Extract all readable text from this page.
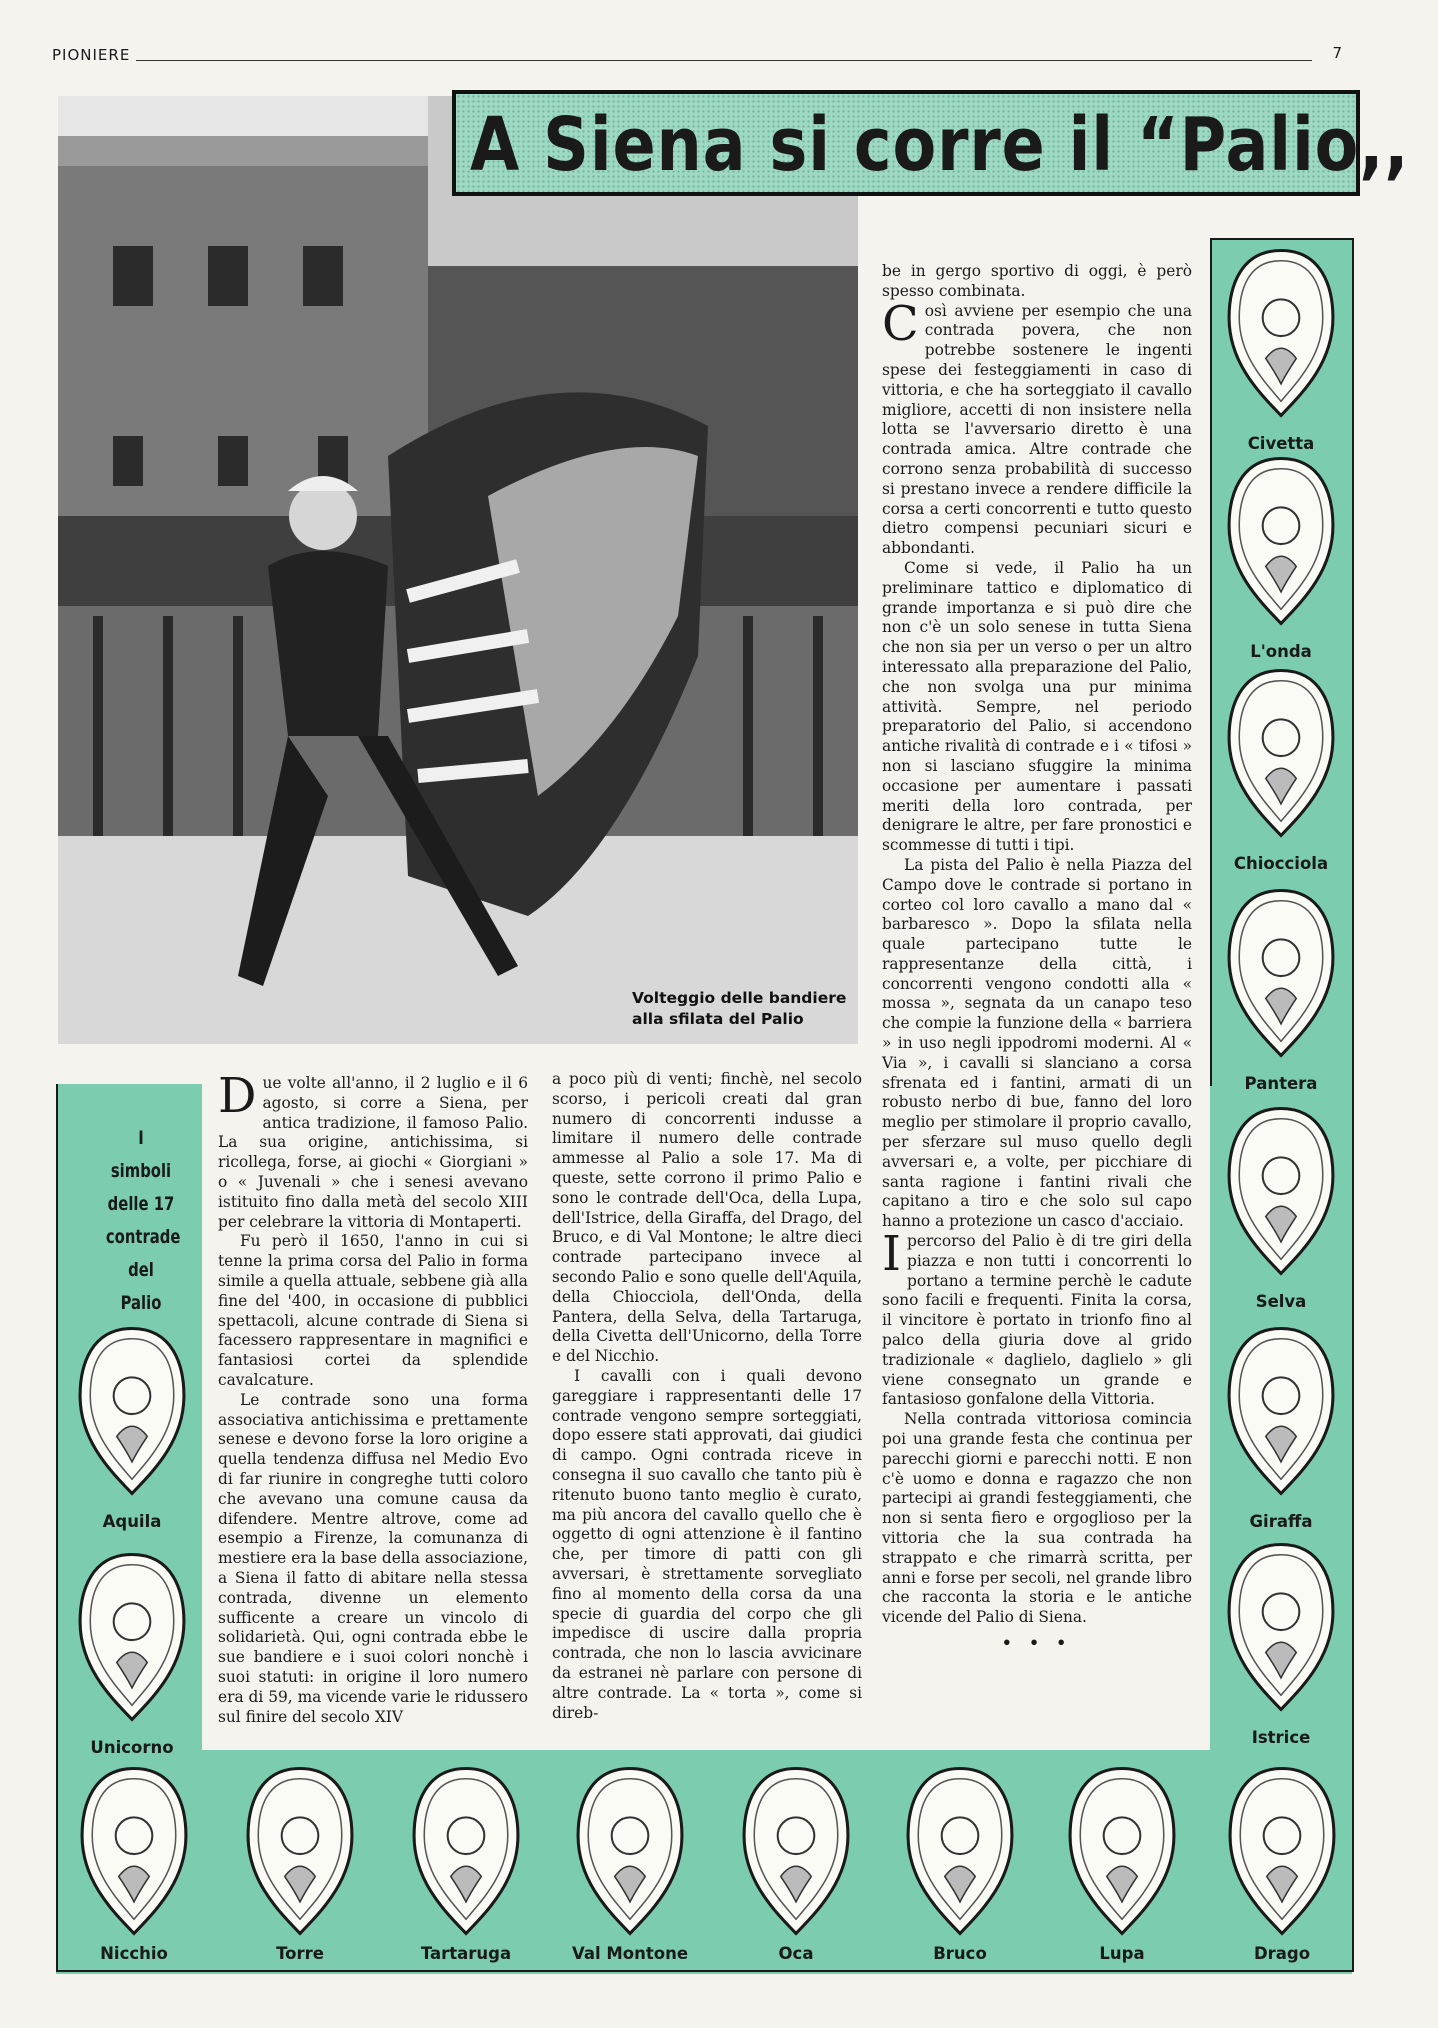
PIONIERE	7
Volteggio delle bandiere
alla sfilata del Palio
A Siena si corre il “Palio,,

be in gergo sportivo di oggi, è però spesso combinata.

Così avviene per esempio che una contrada povera, che non potrebbe sostenere le ingenti spese dei festeggiamenti in caso di vittoria, e che ha sorteggiato il cavallo migliore, accetti di non insistere nella lotta se l'avversario diretto è una contrada amica. Altre contrade che corrono senza probabilità di successo si prestano invece a rendere difficile la corsa a certi concorrenti e tutto questo dietro compensi pecuniari sicuri e abbondanti.

Come si vede, il Palio ha un preliminare tattico e diplomatico di grande importanza e si può dire che non c'è un solo senese in tutta Siena che non sia per un verso o per un altro interessato alla preparazione del Palio, che non svolga una pur minima attività. Sempre, nel periodo preparatorio del Palio, si accendono antiche rivalità di contrade e i « tifosi » non si lasciano sfuggire la minima occasione per aumentare i passati meriti della loro contrada, per denigrare le altre, per fare pronostici e scommesse di tutti i tipi.

La pista del Palio è nella Piazza del Campo dove le contrade si portano in corteo col loro cavallo a mano dal « barbaresco ». Dopo la sfilata nella quale partecipano tutte le rappresentanze della città, i concorrenti vengono condotti alla « mossa », segnata da un canapo teso che compie la funzione della « barriera » in uso negli ippodromi moderni. Al « Via », i cavalli si slanciano a corsa sfrenata ed i fantini, armati di un robusto nerbo di bue, fanno del loro meglio per stimolare il proprio cavallo, per sferzare sul muso quello degli avversari e, a volte, per picchiare di santa ragione i fantini rivali che capitano a tiro e che solo sul capo hanno a protezione un casco d'acciaio.

I percorso del Palio è di tre giri della piazza e non tutti i concorrenti lo portano a termine perchè le cadute sono facili e frequenti. Finita la corsa, il vincitore è portato in trionfo fino al palco della giuria dove al grido tradizionale « daglielo, daglielo » gli viene consegnato un grande e fantasioso gonfalone della Vittoria.

Nella contrada vittoriosa comincia poi una grande festa che continua per parecchi giorni e parecchi notti. E non c'è uomo e donna e ragazzo che non partecipi ai grandi festeggiamenti, che non si senta fiero e orgoglioso per la vittoria che la sua contrada ha strappato e che rimarrà scritta, per anni e forse per secoli, nel grande libro che racconta la storia e le antiche vicende del Palio di Siena.

• • •

Due volte all'anno, il 2 luglio e il 6 agosto, si corre a Siena, per antica tradizione, il famoso Palio. La sua origine, antichissima, si ricollega, forse, ai giochi « Giorgiani » o « Juvenali » che i senesi avevano istituito fino dalla metà del secolo XIII per celebrare la vittoria di Montaperti.

Fu però il 1650, l'anno in cui si tenne la prima corsa del Palio in forma simile a quella attuale, sebbene già alla fine del '400, in occasione di pubblici spettacoli, alcune contrade di Siena si facessero rappresentare in magnifici e fantasiosi cortei da splendide cavalcature.

Le contrade sono una forma associativa antichissima e prettamente senese e devono forse la loro origine a quella tendenza diffusa nel Medio Evo di far riunire in congreghe tutti coloro che avevano una comune causa da difendere. Mentre altrove, come ad esempio a Firenze, la comunanza di mestiere era la base della associazione, a Siena il fatto di abitare nella stessa contrada, divenne un elemento sufficente a creare un vincolo di solidarietà. Qui, ogni contrada ebbe le sue bandiere e i suoi colori nonchè i suoi statuti: in origine il loro numero era di 59, ma vicende varie le ridussero sul finire del secolo XIV

a poco più di venti; finchè, nel secolo scorso, i pericoli creati dal gran numero di concorrenti indusse a limitare il numero delle contrade ammesse al Palio a sole 17. Ma di queste, sette corrono il primo Palio e sono le contrade dell'Oca, della Lupa, dell'Istrice, della Giraffa, del Drago, del Bruco, e di Val Montone; le altre dieci contrade partecipano invece al secondo Palio e sono quelle dell'Aquila, della Chiocciola, dell'Onda, della Pantera, della Selva, della Tartaruga, della Civetta dell'Unicorno, della Torre e del Nicchio.

I cavalli con i quali devono gareggiare i rappresentanti delle 17 contrade vengono sempre sorteggiati, dopo essere stati approvati, dai giudici di campo. Ogni contrada riceve in consegna il suo cavallo che tanto più è ritenuto buono tanto meglio è curato, ma più ancora del cavallo quello che è oggetto di ogni attenzione è il fantino che, per timore di patti con gli avversari, è strettamente sorvegliato fino al momento della corsa da una specie di guardia del corpo che gli impedisce di uscire dalla propria contrada, che non lo lascia avvicinare da estranei nè parlare con persone di altre contrade. La « torta », come si direb-

I simboli
delle 17
contrade
del Palio
Civetta
L'onda
Chiocciola
Pantera
Selva
Giraffa
Istrice
Aquila
Unicorno
Nicchio	Torre	Tartaruga	Val Montone	Oca	Bruco	Lupa	Drago
